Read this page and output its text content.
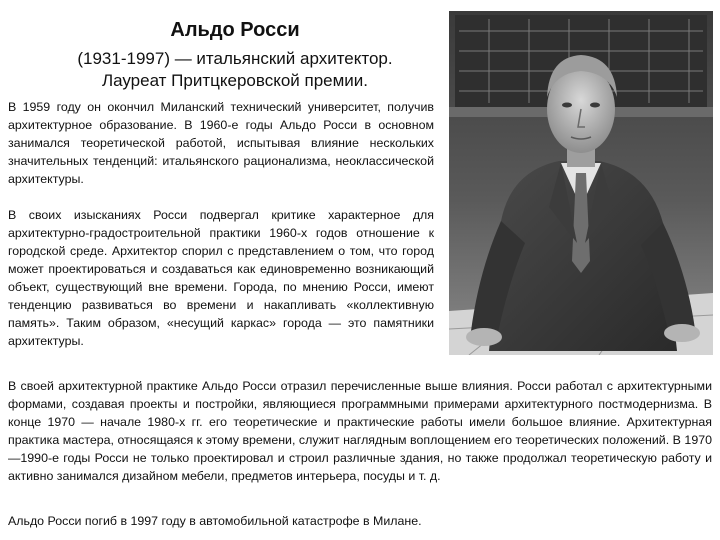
Альдо Росси
(1931-1997) — итальянский архитектор.
Лауреат Притцкеровской премии.

В 1959 году он окончил Миланский технический университет, получив архитектурное образование. В 1960-е годы Альдо Росси в основном занимался теоретической работой, испытывая влияние нескольких значительных тенденций: итальянского рационализма, неоклассической архитектуры.

В своих изысканиях Росси подвергал критике характерное для архитектурно-градостроительной практики 1960-х годов отношение к городской среде. Архитектор спорил с представлением о том, что город может проектироваться и создаваться как единовременно возникающий объект, существующий вне времени. Города, по мнению Росси, имеют тенденцию развиваться во времени и накапливать «коллективную память». Таким образом, «несущий каркас» города — это памятники архитектуры.

В своей архитектурной практике Альдо Росси отразил перечисленные выше влияния. Росси работал с архитектурными формами, создавая проекты и постройки, являющиеся программными примерами архитектурного постмодернизма. В конце 1970 — начале 1980-х гг. его теоретические и практические работы имели большое влияние. Архитектурная практика мастера, относящаяся к этому времени, служит наглядным воплощением его теоретических положений. В 1970—1990-е годы Росси не только проектировал и строил различные здания, но также продолжал теоретическую работу и активно занимался дизайном мебели, предметов интерьера, посуды и т. д.

Альдо Росси погиб в 1997 году в автомобильной катастрофе в Милане.
